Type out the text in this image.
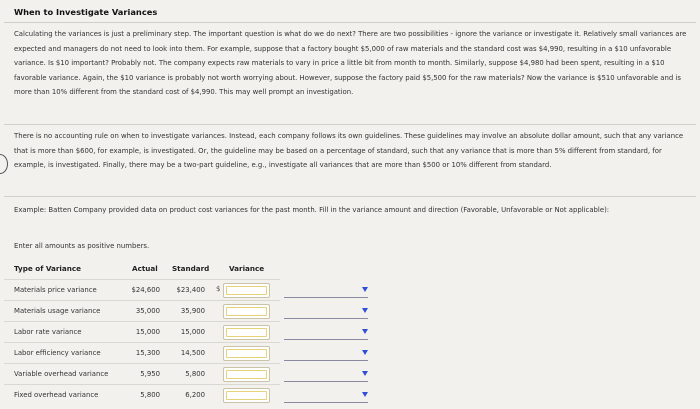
When to Investigate Variances
Calculating the variances is just a preliminary step. The important question is what do we do next? There are two possibilities - ignore the variance or investigate it. Relatively small variances are expected and managers do not need to look into them. For example, suppose that a factory bought $5,000 of raw materials and the standard cost was $4,990, resulting in a $10 unfavorable variance. Is $10 important? Probably not. The company expects raw materials to vary in price a little bit from month to month. Similarly, suppose $4,980 had been spent, resulting in a $10 favorable variance. Again, the $10 variance is probably not worth worrying about. However, suppose the factory paid $5,500 for the raw materials? Now the variance is $510 unfavorable and is more than 10% different from the standard cost of $4,990. This may well prompt an investigation.
There is no accounting rule on when to investigate variances. Instead, each company follows its own guidelines. These guidelines may involve an absolute dollar amount, such that any variance that is more than $600, for example, is investigated. Or, the guideline may be based on a percentage of standard, such that any variance that is more than 5% different from standard, for example, is investigated. Finally, there may be a two-part guideline, e.g., investigate all variances that are more than $500 or 10% different from standard.
Example: Batten Company provided data on product cost variances for the past month. Fill in the variance amount and direction (Favorable, Unfavorable or Not applicable):
Enter all amounts as positive numbers.
Type of Variance	Actual Standard	Variance
Materials price variance	$24,600	$23,400 $
Materials usage variance	35,000	35,900
Labor rate variance	15,000	15,000
Labor efficiency variance	15,300	14,500
Variable overhead variance	5,950	5,800
Fixed overhead variance	5,800	6,200
